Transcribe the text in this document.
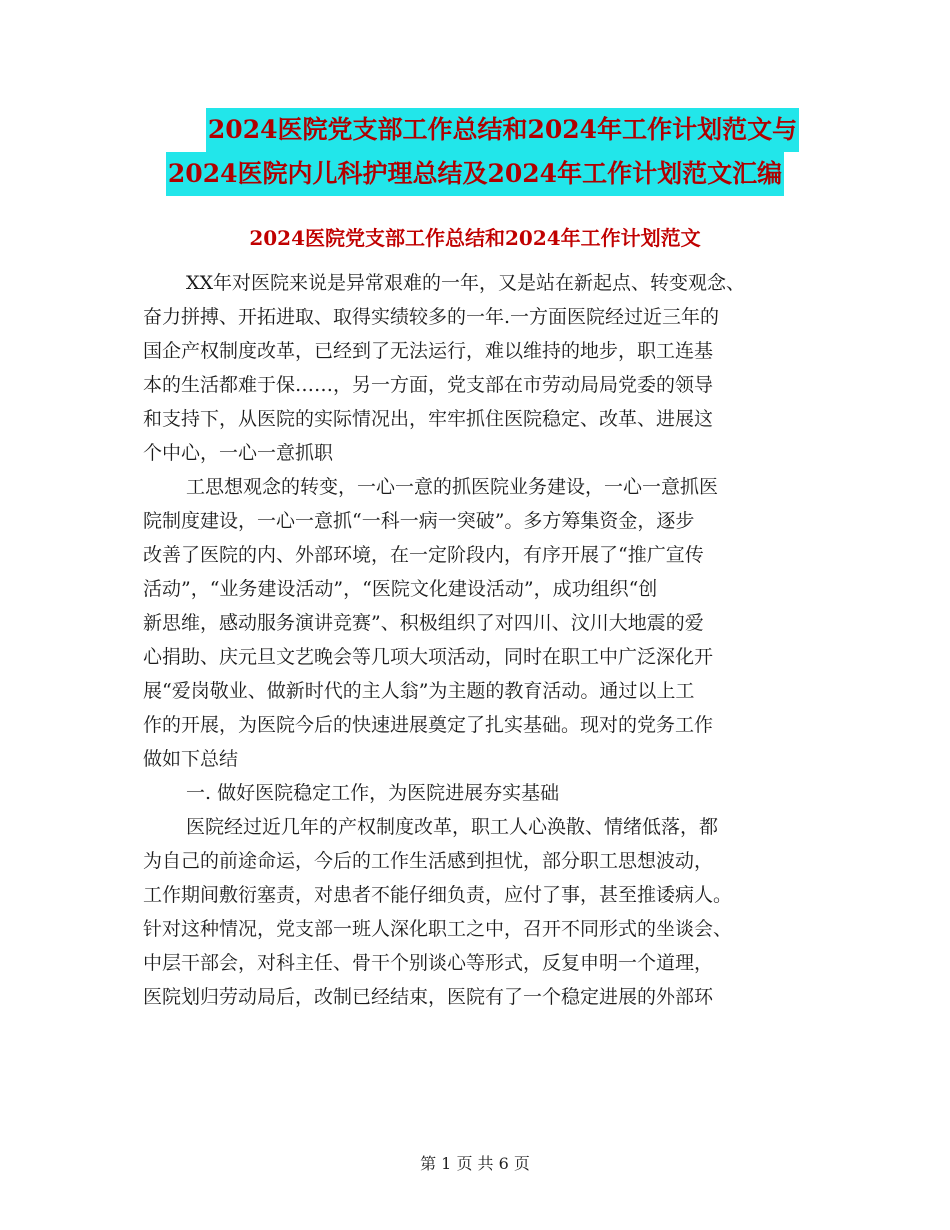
2024医院党支部工作总结和2024年工作计划范文与
2024医院内儿科护理总结及2024年工作计划范文汇编
2024医院党支部工作总结和2024年工作计划范文
XX年对医院来说是异常艰难的一年，又是站在新起点、转变观念、
奋力拼搏、开拓进取、取得实绩较多的一年.一方面医院经过近三年的
国企产权制度改革，已经到了无法运行，难以维持的地步，职工连基
本的生活都难于保……，另一方面，党支部在市劳动局局党委的领导
和支持下，从医院的实际情况出，牢牢抓住医院稳定、改革、进展这
个中心，一心一意抓职
工思想观念的转变，一心一意的抓医院业务建设，一心一意抓医
院制度建设，一心一意抓“一科一病一突破”。多方筹集资金，逐步
改善了医院的内、外部环境，在一定阶段内，有序开展了“推广宣传
活动”，“业务建设活动”，“医院文化建设活动”，成功组织“创
新思维，感动服务演讲竞赛”、积极组织了对四川、汶川大地震的爱
心捐助、庆元旦文艺晚会等几项大项活动，同时在职工中广泛深化开
展“爱岗敬业、做新时代的主人翁”为主题的教育活动。通过以上工
作的开展，为医院今后的快速进展奠定了扎实基础。现对的党务工作
做如下总结
一. 做好医院稳定工作，为医院进展夯实基础
医院经过近几年的产权制度改革，职工人心涣散、情绪低落，都
为自己的前途命运，今后的工作生活感到担忧，部分职工思想波动，
工作期间敷衍塞责，对患者不能仔细负责，应付了事，甚至推诿病人。
针对这种情况，党支部一班人深化职工之中，召开不同形式的坐谈会、
中层干部会，对科主任、骨干个别谈心等形式，反复申明一个道理，
医院划归劳动局后，改制已经结束，医院有了一个稳定进展的外部环
第 1 页 共 6 页
